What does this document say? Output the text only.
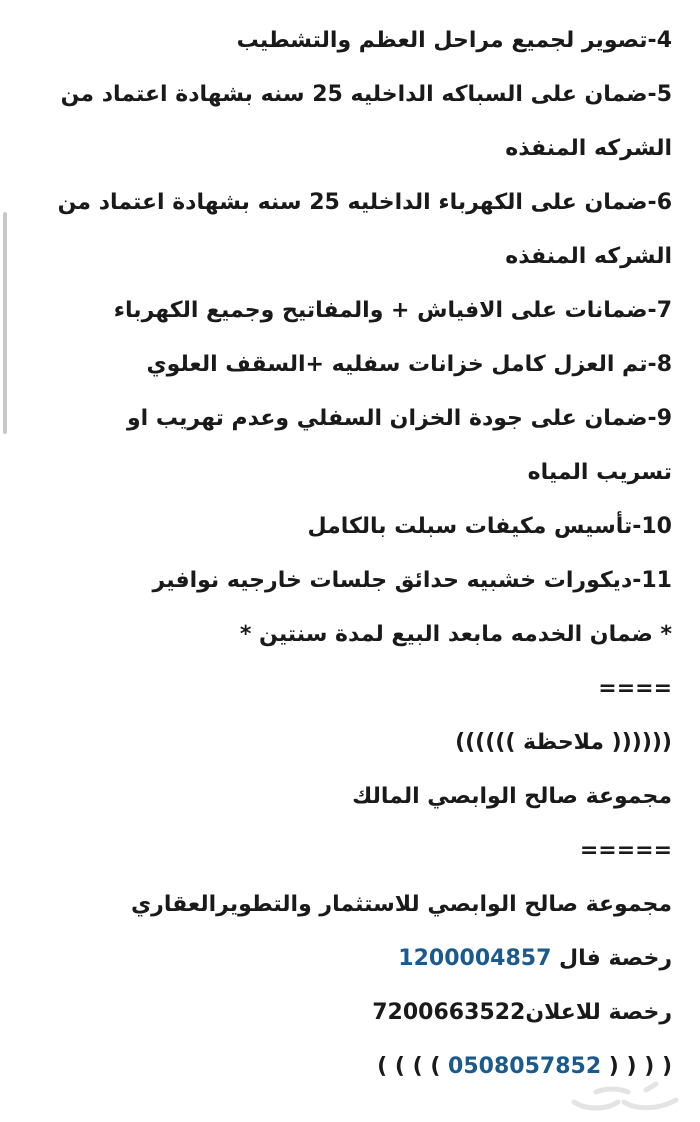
4-تصوير لجميع مراحل العظم والتشطيب

5-ضمان على السباكه الداخليه 25 سنه بشهادة اعتماد من الشركه المنفذه

6-ضمان على الكهرباء الداخليه 25 سنه بشهادة اعتماد من الشركه المنفذه

7-ضمانات على الافياش + والمفاتيح وجميع الكهرباء

8-تم العزل كامل خزانات سفليه +السقف العلوي

9-ضمان على جودة الخزان السفلي وعدم تهريب او تسريب المياه

10-تأسيس مكيفات سبلت بالكامل

11-ديكورات خشبيه حدائق جلسات خارجيه نوافير

* ضمان الخدمه مابعد البيع لمدة سنتين *

====

(((((( ملاحظة ))))))

مجموعة صالح الوابصي المالك

=====

مجموعة صالح الوابصي للاستثمار والتطويرالعقاري

رخصة فال 1200004857

رخصة للاعلان7200663522

( ( ( ( 0508057852 ) ) ) )
